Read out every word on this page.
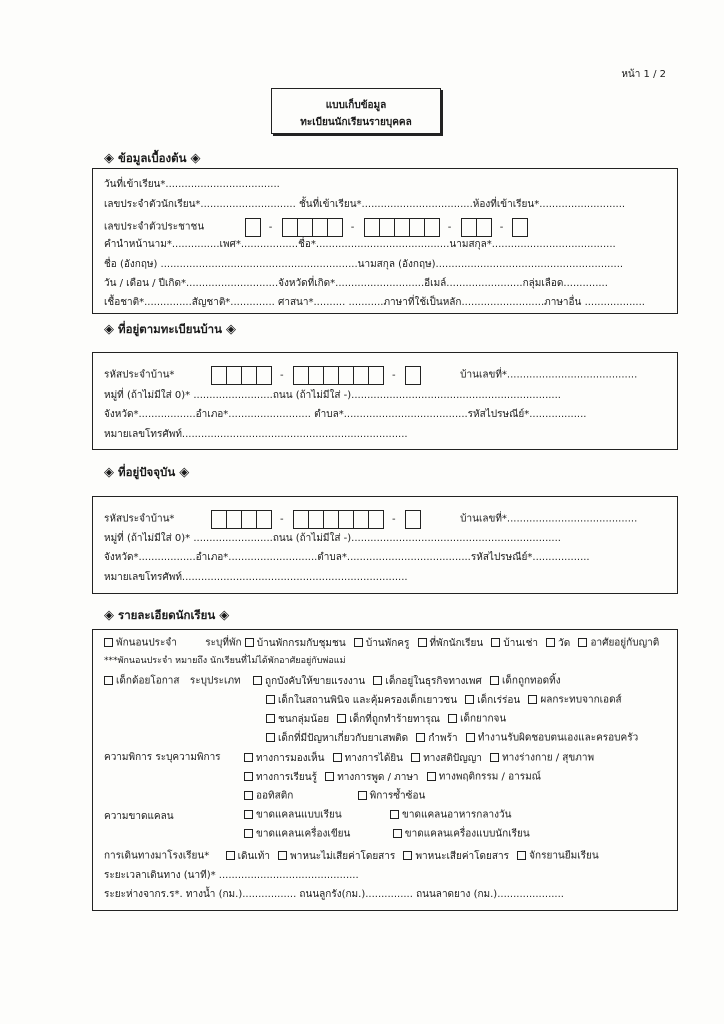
หน้า 1 / 2
แบบเก็บข้อมูล
ทะเบียนนักเรียนรายบุคคล
◈ ข้อมูลเบื้องต้น ◈
วันที่เข้าเรียน*....................................
เลขประจำตัวนักเรียน*.............................. ชั้นที่เข้าเรียน*...................................ห้องที่เข้าเรียน*...........................
เลขประจำตัวประชาชน	-	-	-	-
คำนำหน้านาม*...............เพศ*..................ชื่อ*..........................................นามสกุล*.......................................
ชื่อ (อังกฤษ) ..............................................................นามสกุล (อังกฤษ)...........................................................
วัน / เดือน / ปีเกิด*.............................จังหวัดที่เกิด*............................อีเมล์........................กลุ่มเลือด..............
เชื้อชาติ*...............สัญชาติ*.............. ศาสนา*.......... ...........ภาษาที่ใช้เป็นหลัก..........................ภาษาอื่น ...................
◈ ที่อยู่ตามทะเบียนบ้าน ◈
รหัสประจำบ้าน*	-	-	บ้านเลขที่*.........................................
หมู่ที่ (ถ้าไม่มีใส่ 0)* .........................ถนน (ถ้าไม่มีใส่ -)..................................................................
จังหวัด*..................อำเภอ*.......................... ตำบล*.......................................รหัสไปรษณีย์*..................
หมายเลขโทรศัพท์.......................................................................
◈ ที่อยู่ปัจจุบัน ◈
รหัสประจำบ้าน*	-	-	บ้านเลขที่*.........................................
หมู่ที่ (ถ้าไม่มีใส่ 0)* .........................ถนน (ถ้าไม่มีใส่ -)..................................................................
จังหวัด*..................อำเภอ*............................ตำบล*.......................................รหัสไปรษณีย์*..................
หมายเลขโทรศัพท์.......................................................................
◈ รายละเอียดนักเรียน ◈
พักนอนประจำ	ระบุที่พัก บ้านพักกรมกับชุมชน บ้านพักครู ที่พักนักเรียน บ้านเช่า วัด อาศัยอยู่กับญาติ
***พักนอนประจำ หมายถึง นักเรียนที่ไม่ได้พักอาศัยอยู่กับพ่อแม่
เด็กด้อยโอกาส ระบุประเภท ถูกบังคับให้ขายแรงงาน เด็กอยู่ในธุรกิจทางเพศ เด็กถูกทอดทิ้ง
เด็กในสถานพินิจ และคุ้มครองเด็กเยาวชน เด็กเร่ร่อน ผลกระทบจากเอดส์
ชนกลุ่มน้อย เด็กที่ถูกทำร้ายทารุณ เด็กยากจน
เด็กที่มีปัญหาเกี่ยวกับยาเสพติด กำพร้า ทำงานรับผิดชอบตนเองและครอบครัว
ความพิการ ระบุความพิการ	ทางการมองเห็น ทางการได้ยิน ทางสติปัญญา ทางร่างกาย / สุขภาพ
ทางการเรียนรู้ ทางการพูด / ภาษา ทางพฤติกรรม / อารมณ์
ออทิสติก	พิการซ้ำซ้อน
ความขาดแคลน	ขาดแคลนแบบเรียน	ขาดแคลนอาหารกลางวัน
ขาดแคลนเครื่องเขียน	ขาดแคลนเครื่องแบบนักเรียน
การเดินทางมาโรงเรียน*	เดินเท้า พาหนะไม่เสียค่าโดยสาร พาหนะเสียค่าโดยสาร จักรยานยืมเรียน
ระยะเวลาเดินทาง (นาที)* ............................................
ระยะห่างจากร.ร*. ทางน้ำ (กม.)................. ถนนลูกรัง(กม.)............... ถนนลาดยาง (กม.).....................
